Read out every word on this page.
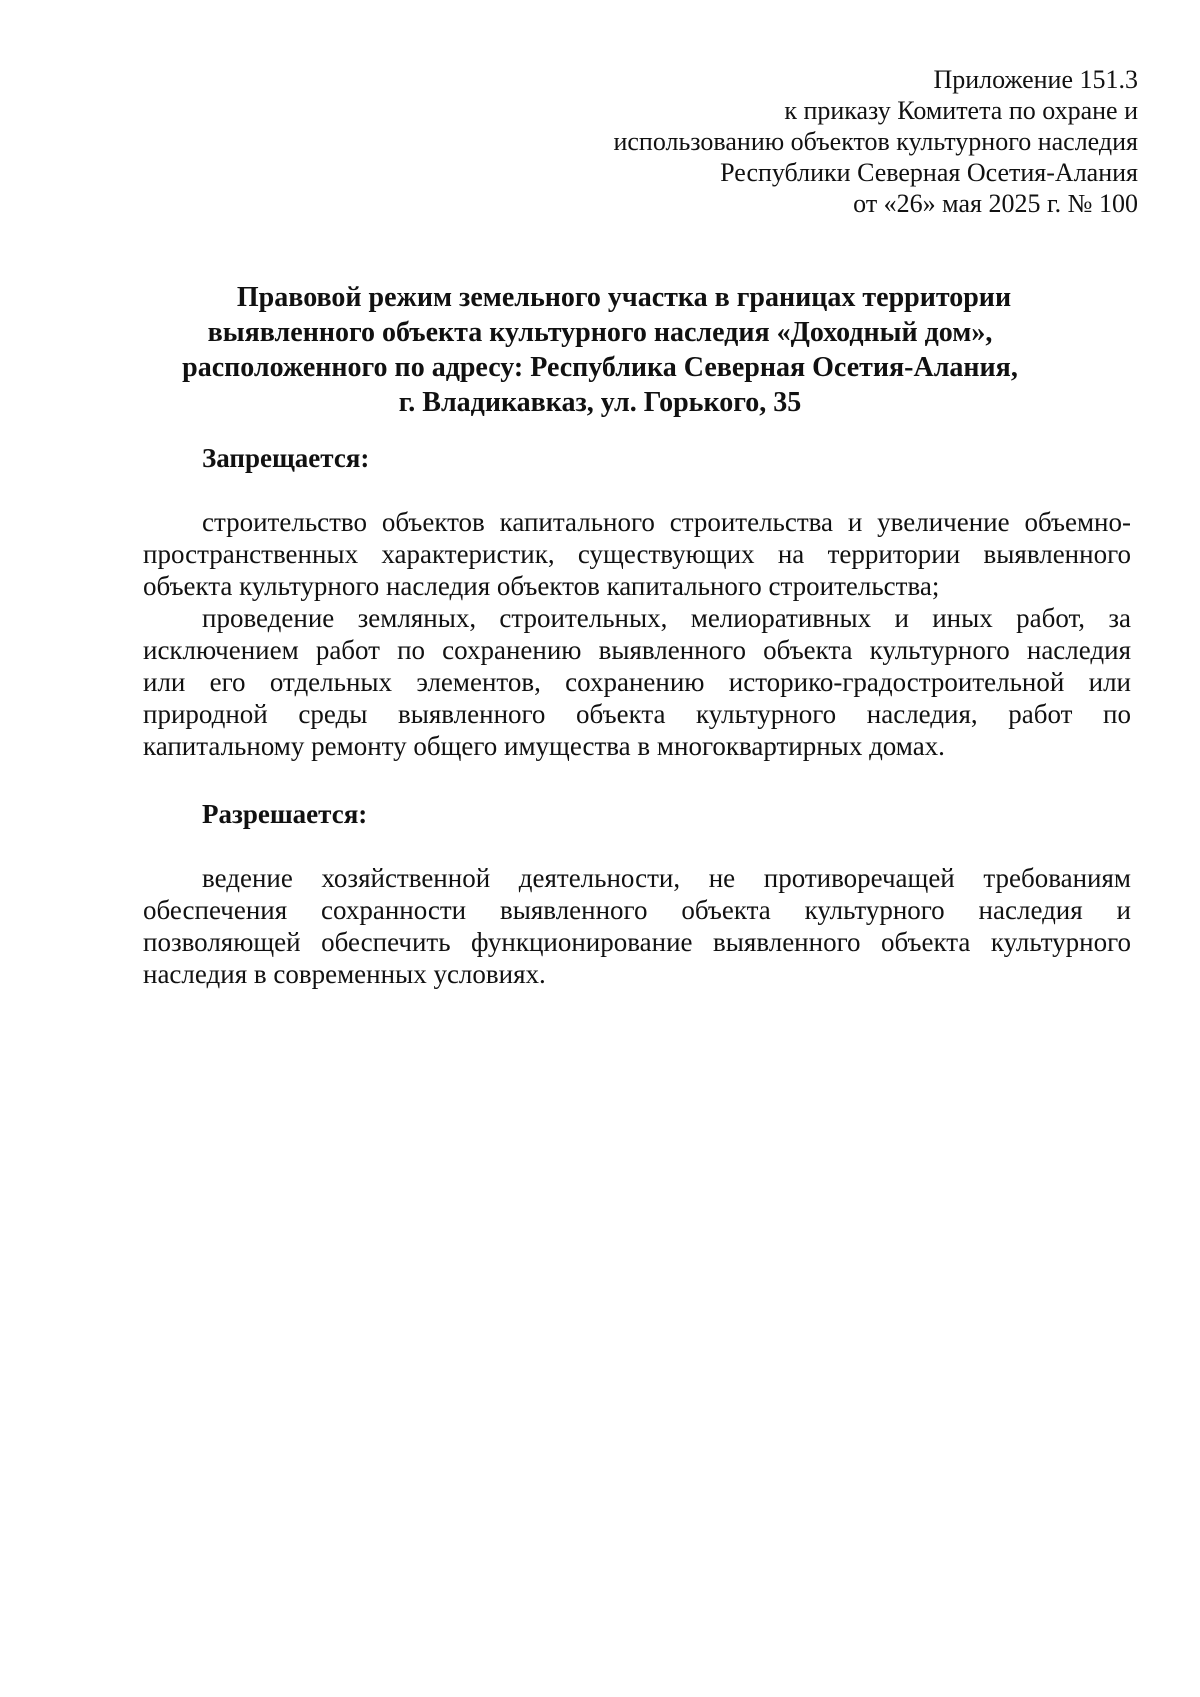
Приложение 151.3
к приказу Комитета по охране и
использованию объектов культурного наследия
Республики Северная Осетия-Алания
от «26» мая 2025 г. № 100
Правовой режим земельного участка в границах территории
выявленного объекта культурного наследия «Доходный дом»,
расположенного по адресу: Республика Северная Осетия-Алания,
г. Владикавказ, ул. Горького, 35
Запрещается:
строительство объектов капитального строительства и увеличение объемно-
пространственных характеристик, существующих на территории выявленного
объекта культурного наследия объектов капитального строительства;
проведение земляных, строительных, мелиоративных и иных работ, за
исключением работ по сохранению выявленного объекта культурного наследия
или его отдельных элементов, сохранению историко-градостроительной или
природной среды выявленного объекта культурного наследия, работ по
капитальному ремонту общего имущества в многоквартирных домах.
Разрешается:
ведение хозяйственной деятельности, не противоречащей требованиям
обеспечения сохранности выявленного объекта культурного наследия и
позволяющей обеспечить функционирование выявленного объекта культурного
наследия в современных условиях.
